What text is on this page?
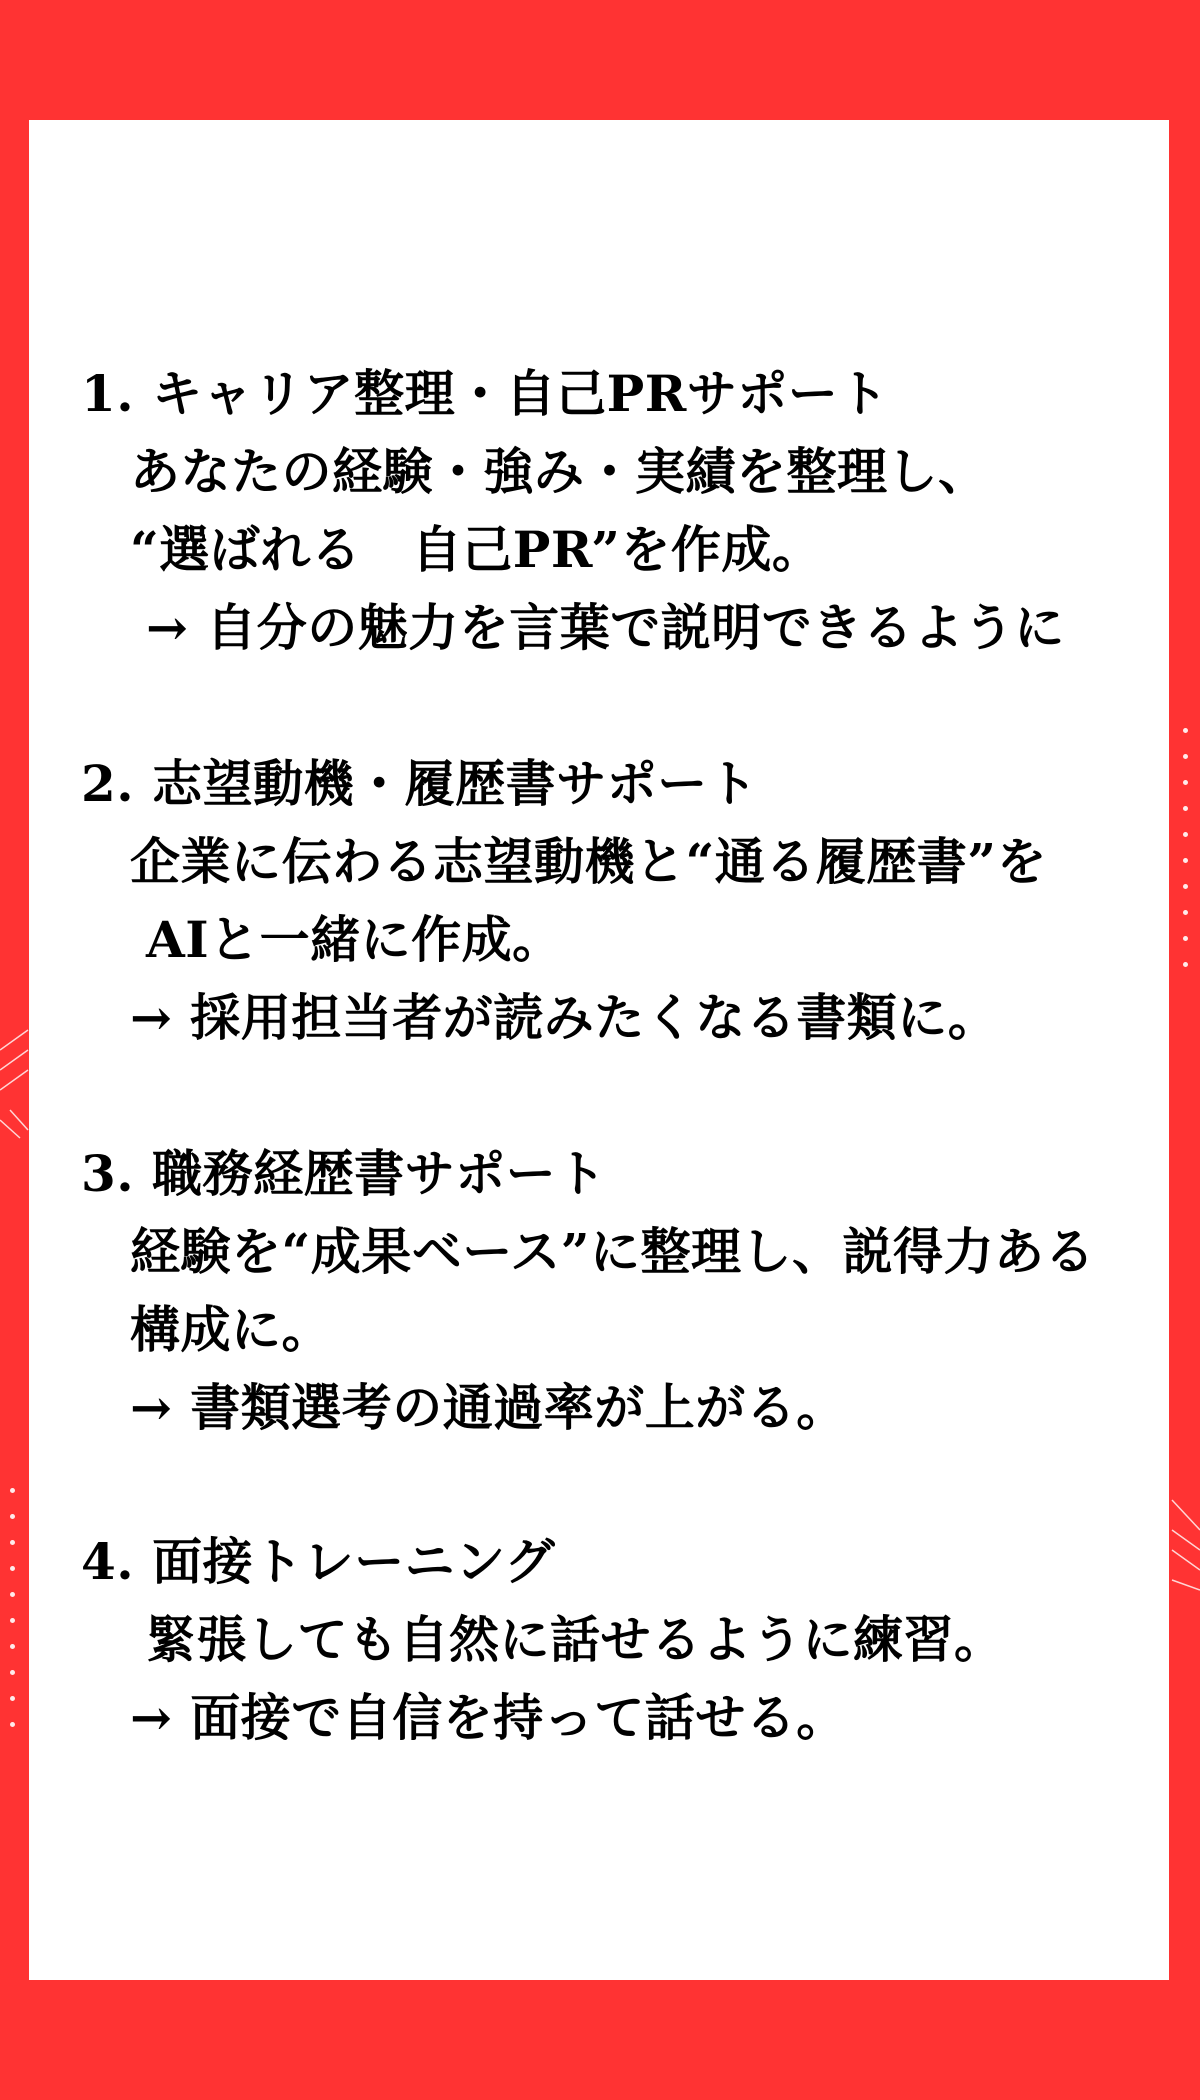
1. キャリア整理・自己PRサポート
あなたの経験・強み・実績を整理し、
“選ばれる　自己PR”を作成。
→ 自分の魅力を言葉で説明できるように
2. 志望動機・履歴書サポート
企業に伝わる志望動機と“通る履歴書”を
AIと一緒に作成。
→ 採用担当者が読みたくなる書類に。
3. 職務経歴書サポート
経験を“成果ベース”に整理し、説得力ある
構成に。
→ 書類選考の通過率が上がる。
4. 面接トレーニング
緊張しても自然に話せるように練習。
→ 面接で自信を持って話せる。
